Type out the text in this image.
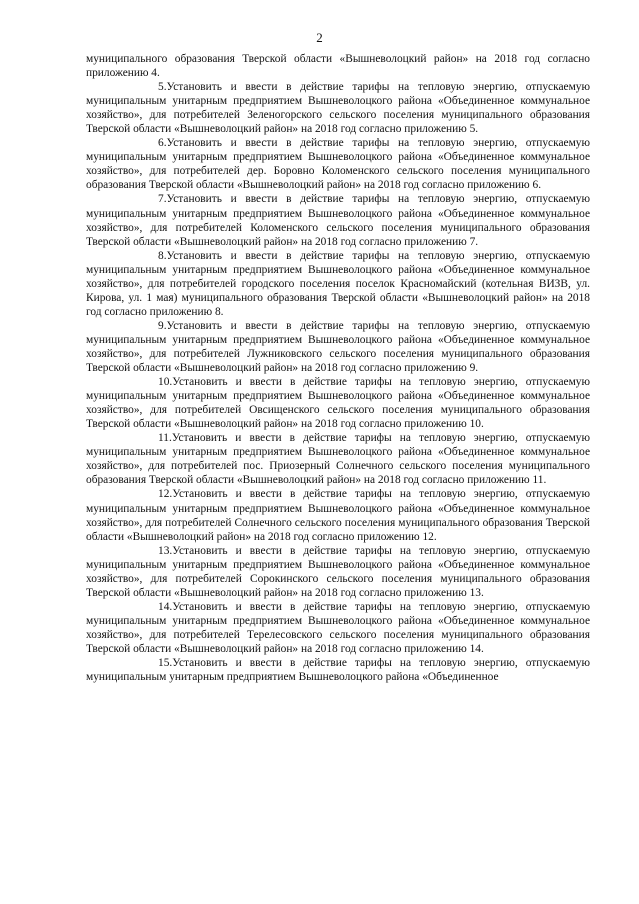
2

муниципального образования Тверской области «Вышневолоцкий район» на 2018 год согласно приложению 4.

5.Установить и ввести в действие тарифы на тепловую энергию, отпускаемую муниципальным унитарным предприятием Вышневолоцкого района «Объединенное коммунальное хозяйство», для потребителей Зеленогорского сельского поселения муниципального образования Тверской области «Вышневолоцкий район» на 2018 год согласно приложению 5.

6.Установить и ввести в действие тарифы на тепловую энергию, отпускаемую муниципальным унитарным предприятием Вышневолоцкого района «Объединенное коммунальное хозяйство», для потребителей дер. Боровно Коломенского сельского поселения муниципального образования Тверской области «Вышневолоцкий район» на 2018 год согласно приложению 6.

7.Установить и ввести в действие тарифы на тепловую энергию, отпускаемую муниципальным унитарным предприятием Вышневолоцкого района «Объединенное коммунальное хозяйство», для потребителей Коломенского сельского поселения муниципального образования Тверской области «Вышневолоцкий район» на 2018 год согласно приложению 7.

8.Установить и ввести в действие тарифы на тепловую энергию, отпускаемую муниципальным унитарным предприятием Вышневолоцкого района «Объединенное коммунальное хозяйство», для потребителей городского поселения поселок Красномайский (котельная ВИЗВ, ул. Кирова, ул. 1 мая) муниципального образования Тверской области «Вышневолоцкий район» на 2018 год согласно приложению 8.

9.Установить и ввести в действие тарифы на тепловую энергию, отпускаемую муниципальным унитарным предприятием Вышневолоцкого района «Объединенное коммунальное хозяйство», для потребителей Лужниковского сельского поселения муниципального образования Тверской области «Вышневолоцкий район» на 2018 год согласно приложению 9.

10.Установить и ввести в действие тарифы на тепловую энергию, отпускаемую муниципальным унитарным предприятием Вышневолоцкого района «Объединенное коммунальное хозяйство», для потребителей Овсищенского сельского поселения муниципального образования Тверской области «Вышневолоцкий район» на 2018 год согласно приложению 10.

11.Установить и ввести в действие тарифы на тепловую энергию, отпускаемую муниципальным унитарным предприятием Вышневолоцкого района «Объединенное коммунальное хозяйство», для потребителей пос. Приозерный Солнечного сельского поселения муниципального образования Тверской области «Вышневолоцкий район» на 2018 год согласно приложению 11.

12.Установить и ввести в действие тарифы на тепловую энергию, отпускаемую муниципальным унитарным предприятием Вышневолоцкого района «Объединенное коммунальное хозяйство», для потребителей Солнечного сельского поселения муниципального образования Тверской области «Вышневолоцкий район» на 2018 год согласно приложению 12.

13.Установить и ввести в действие тарифы на тепловую энергию, отпускаемую муниципальным унитарным предприятием Вышневолоцкого района «Объединенное коммунальное хозяйство», для потребителей Сорокинского сельского поселения муниципального образования Тверской области «Вышневолоцкий район» на 2018 год согласно приложению 13.

14.Установить и ввести в действие тарифы на тепловую энергию, отпускаемую муниципальным унитарным предприятием Вышневолоцкого района «Объединенное коммунальное хозяйство», для потребителей Терелесовского сельского поселения муниципального образования Тверской области «Вышневолоцкий район» на 2018 год согласно приложению 14.

15.Установить и ввести в действие тарифы на тепловую энергию, отпускаемую муниципальным унитарным предприятием Вышневолоцкого района «Объединенное
